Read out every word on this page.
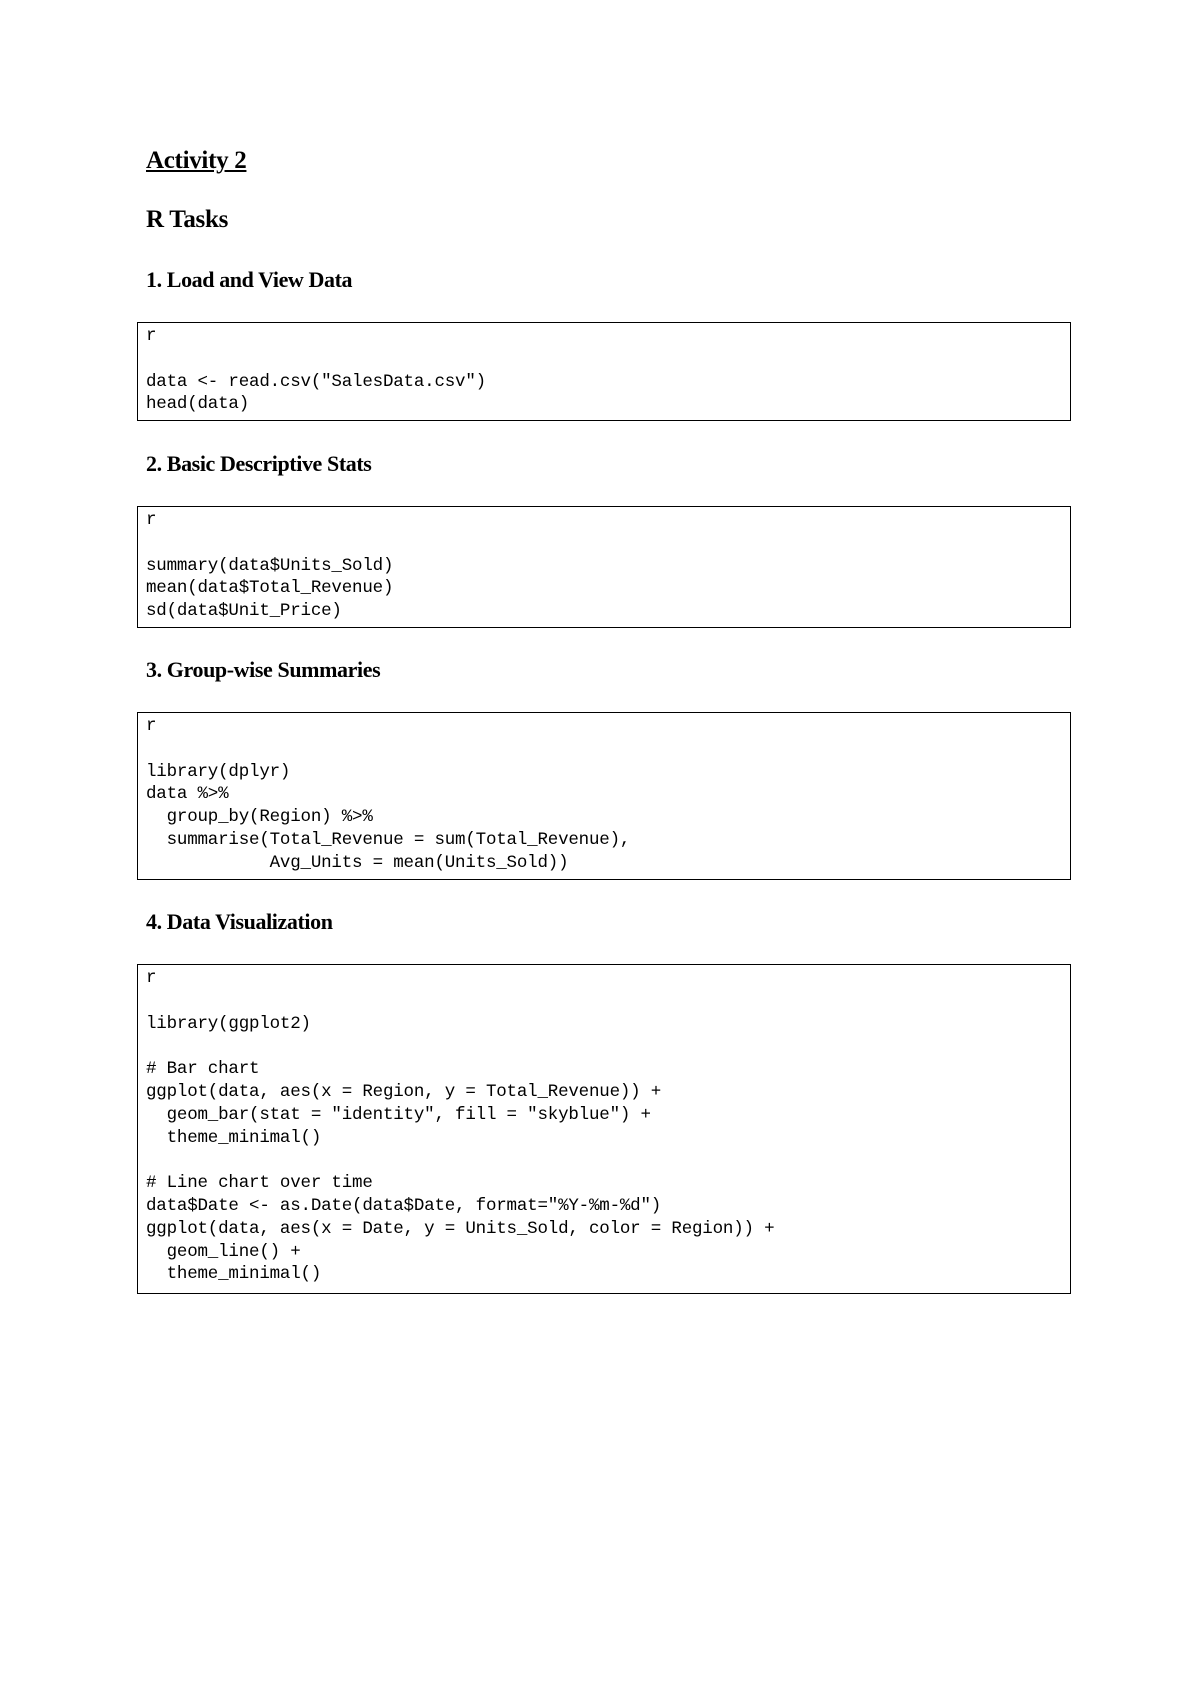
Activity 2
R Tasks
1. Load and View Data
r
data <- read.csv("SalesData.csv")
head(data)
2. Basic Descriptive Stats
r
summary(data$Units_Sold)
mean(data$Total_Revenue)
sd(data$Unit_Price)
3. Group-wise Summaries
r
library(dplyr)
data %>%
group_by(Region) %>%
summarise(Total_Revenue = sum(Total_Revenue),
Avg_Units = mean(Units_Sold))
4. Data Visualization
r
library(ggplot2)
# Bar chart
ggplot(data, aes(x = Region, y = Total_Revenue)) +
geom_bar(stat = "identity", fill = "skyblue") +
theme_minimal()
# Line chart over time
data$Date <- as.Date(data$Date, format="%Y-%m-%d")
ggplot(data, aes(x = Date, y = Units_Sold, color = Region)) +
geom_line() +
theme_minimal()
